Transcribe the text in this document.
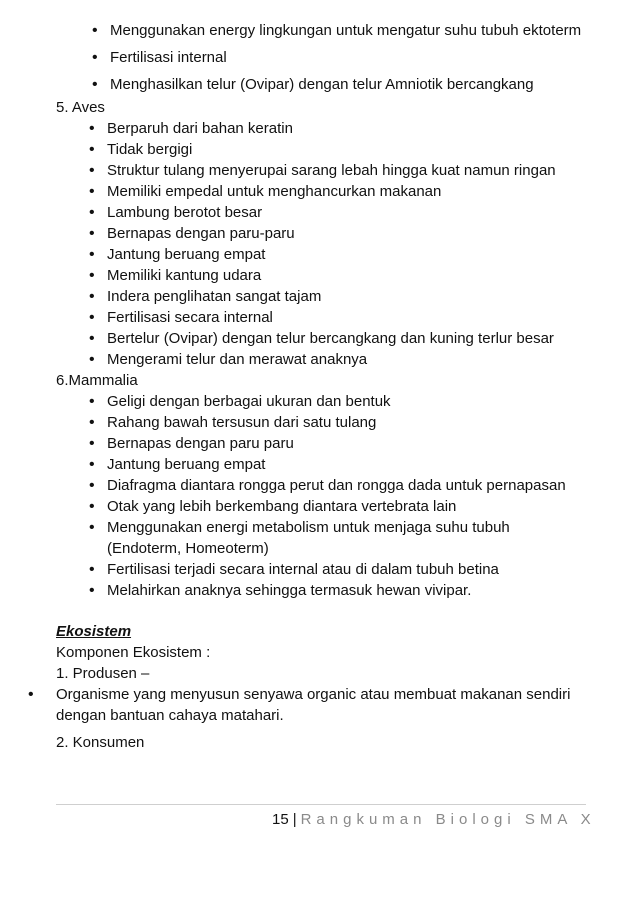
• Menggunakan energy lingkungan untuk mengatur suhu tubuh ektoterm
• Fertilisasi internal
• Menghasilkan telur (Ovipar) dengan telur Amniotik bercangkang
5. Aves
• Berparuh dari bahan keratin
• Tidak bergigi
• Struktur tulang menyerupai sarang lebah hingga kuat namun ringan
• Memiliki empedal untuk menghancurkan makanan
• Lambung berotot besar
• Bernapas dengan paru-paru
• Jantung beruang empat
• Memiliki kantung udara
• Indera penglihatan sangat tajam
• Fertilisasi secara internal
• Bertelur (Ovipar) dengan telur bercangkang dan kuning terlur besar
• Mengerami telur dan merawat anaknya
6.Mammalia
• Geligi dengan berbagai ukuran dan bentuk
• Rahang bawah tersusun dari satu tulang
• Bernapas dengan paru paru
• Jantung beruang empat
• Diafragma diantara rongga perut dan rongga dada untuk pernapasan
• Otak yang lebih berkembang diantara vertebrata lain
• Menggunakan energi metabolism untuk menjaga suhu tubuh (Endoterm, Homeoterm)
• Fertilisasi terjadi secara internal atau di dalam tubuh betina
• Melahirkan anaknya sehingga termasuk hewan vivipar.
Ekosistem
Komponen Ekosistem :
1. Produsen –
• Organisme yang menyusun senyawa organic atau membuat makanan sendiri dengan bantuan cahaya matahari.
2. Konsumen
15 | Rangkuman Biologi SMA X
